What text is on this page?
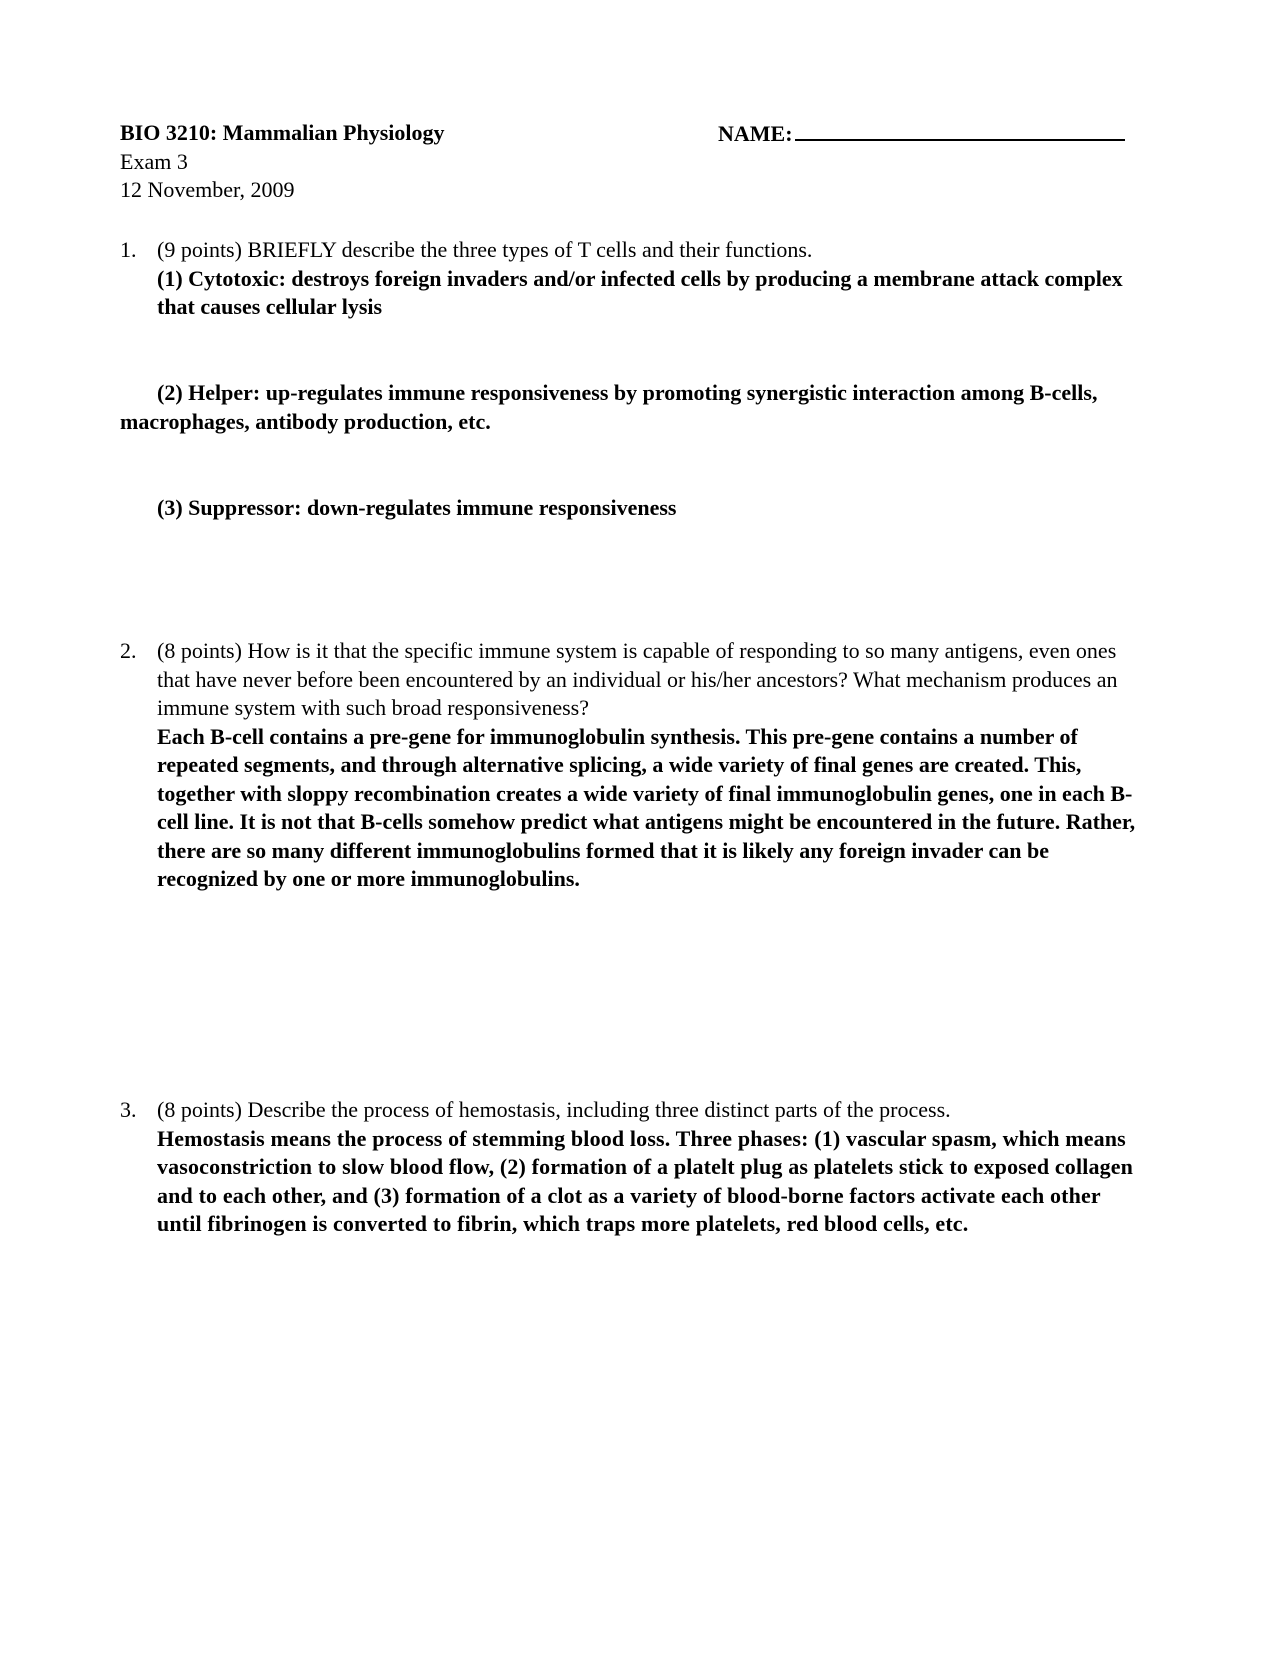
BIO 3210: Mammalian Physiology
Exam 3
12 November, 2009
NAME:
1. (9 points) BRIEFLY describe the three types of T cells and their functions.
(1) Cytotoxic: destroys foreign invaders and/or infected cells by producing a membrane attack complex that causes cellular lysis
(2) Helper: up-regulates immune responsiveness by promoting synergistic interaction among B-cells, macrophages, antibody production, etc.
(3) Suppressor: down-regulates immune responsiveness
2. (8 points) How is it that the specific immune system is capable of responding to so many antigens, even ones that have never before been encountered by an individual or his/her ancestors? What mechanism produces an immune system with such broad responsiveness?
Each B-cell contains a pre-gene for immunoglobulin synthesis. This pre-gene contains a number of repeated segments, and through alternative splicing, a wide variety of final genes are created. This, together with sloppy recombination creates a wide variety of final immunoglobulin genes, one in each B-cell line. It is not that B-cells somehow predict what antigens might be encountered in the future. Rather, there are so many different immunoglobulins formed that it is likely any foreign invader can be recognized by one or more immunoglobulins.
3. (8 points) Describe the process of hemostasis, including three distinct parts of the process.
Hemostasis means the process of stemming blood loss. Three phases: (1) vascular spasm, which means vasoconstriction to slow blood flow, (2) formation of a platelt plug as platelets stick to exposed collagen and to each other, and (3) formation of a clot as a variety of blood-borne factors activate each other until fibrinogen is converted to fibrin, which traps more platelets, red blood cells, etc.
